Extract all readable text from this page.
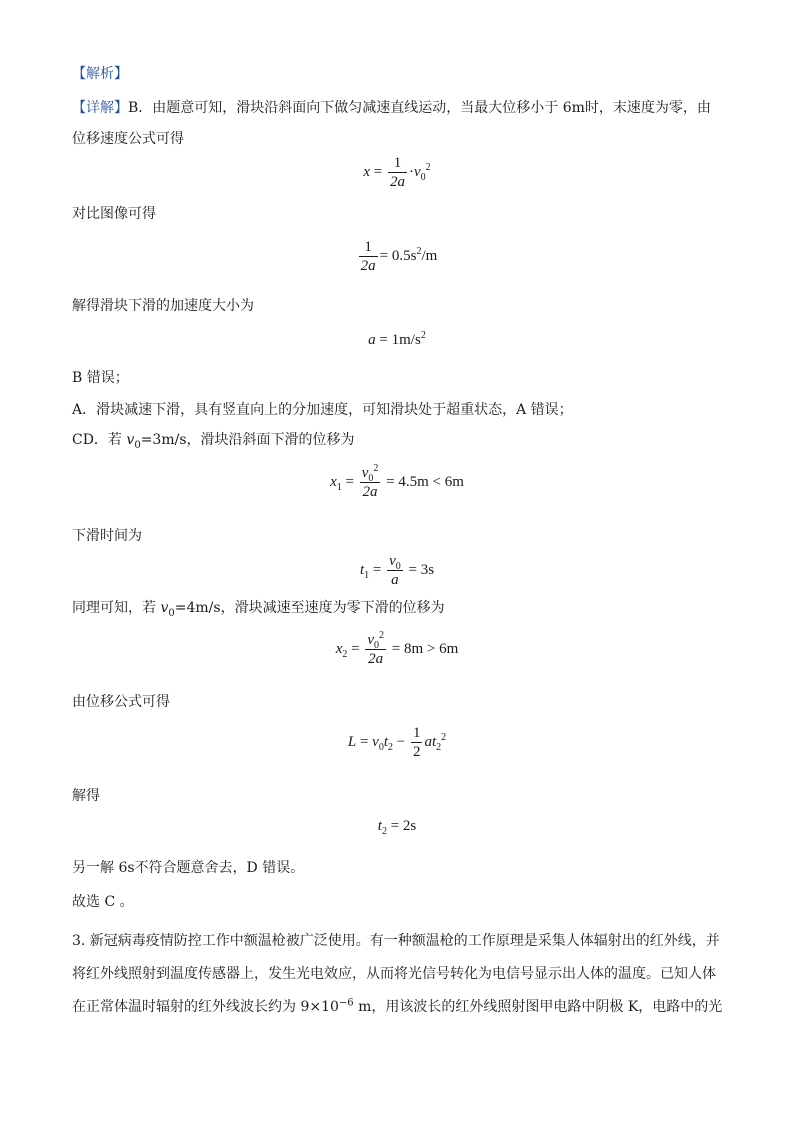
【解析】
【详解】B．由题意可知，滑块沿斜面向下做匀减速直线运动，当最大位移小于 6m时，末速度为零，由
位移速度公式可得
$x = \frac{1}{2a} \cdot v_0^2$
对比图像可得
$\frac{1}{2a} = 0.5s^2/m$
解得滑块下滑的加速度大小为
$a = 1m/s^2$
B 错误；
A．滑块减速下滑，具有竖直向上的分加速度，可知滑块处于超重状态，A 错误；
CD．若 $v_0=3m/s$，滑块沿斜面下滑的位移为
$x_1 = \frac{v_0^2}{2a} = 4.5m < 6m$
下滑时间为
$t_1 = \frac{v_0}{a} = 3s$
同理可知，若 $v_0=4m/s$，滑块减速至速度为零下滑的位移为
$x_2 = \frac{v_0^2}{2a} = 8m > 6m$
由位移公式可得
$L = v_0t_2 - \frac{1}{2} at_2^2$
解得
$t_2 = 2s$
另一解 6s不符合题意舍去，D 错误。
故选 C 。
3. 新冠病毒疫情防控工作中额温枪被广泛使用。有一种额温枪的工作原理是采集人体辐射出的红外线，并
将红外线照射到温度传感器上，发生光电效应，从而将光信号转化为电信号显示出人体的温度。已知人体
在正常体温时辐射的红外线波长约为 $9\times 10^{-6}$ m，用该波长的红外线照射图甲电路中阴极 K，电路中的光
